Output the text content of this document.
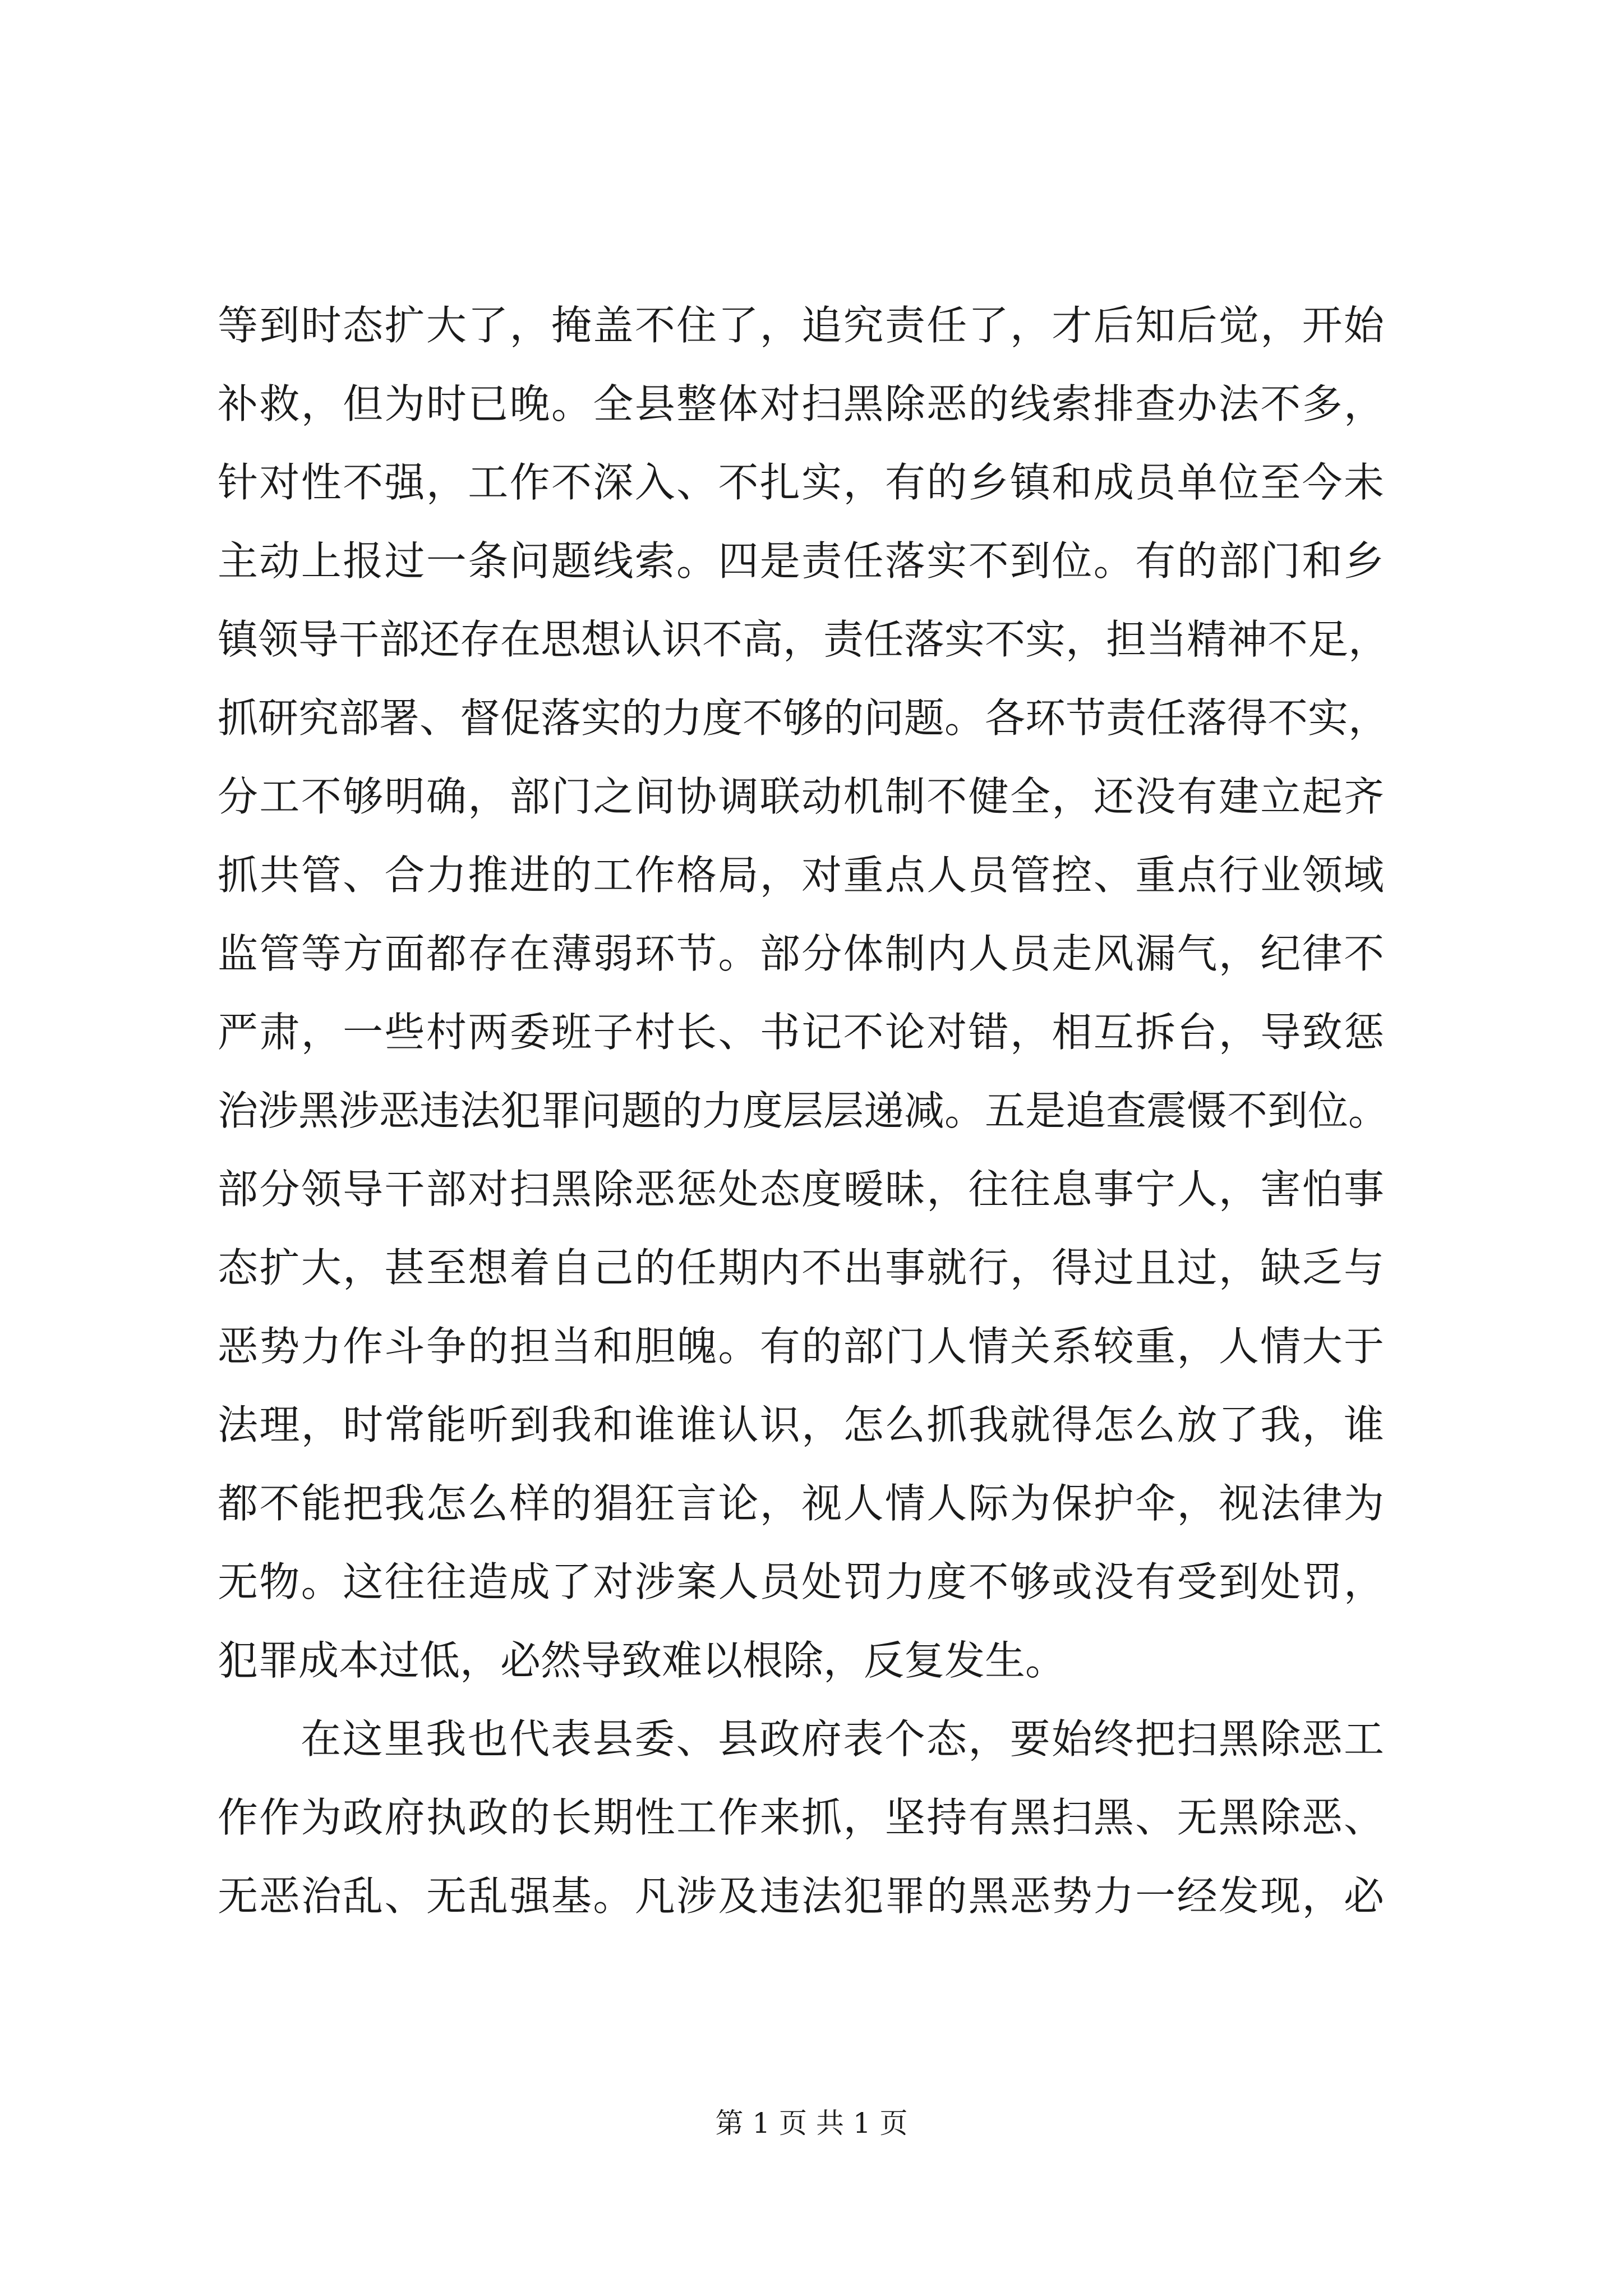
等到时态扩大了，掩盖不住了，追究责任了，才后知后觉，开始
补救，但为时已晚。全县整体对扫黑除恶的线索排查办法不多，
针对性不强，工作不深入、不扎实，有的乡镇和成员单位至今未
主动上报过一条问题线索。四是责任落实不到位。有的部门和乡
镇领导干部还存在思想认识不高，责任落实不实，担当精神不足，
抓研究部署、督促落实的力度不够的问题。各环节责任落得不实，
分工不够明确，部门之间协调联动机制不健全，还没有建立起齐
抓共管、合力推进的工作格局，对重点人员管控、重点行业领域
监管等方面都存在薄弱环节。部分体制内人员走风漏气，纪律不
严肃，一些村两委班子村长、书记不论对错，相互拆台，导致惩
治涉黑涉恶违法犯罪问题的力度层层递减。五是追查震慑不到位。
部分领导干部对扫黑除恶惩处态度暧昧，往往息事宁人，害怕事
态扩大，甚至想着自己的任期内不出事就行，得过且过，缺乏与
恶势力作斗争的担当和胆魄。有的部门人情关系较重，人情大于
法理，时常能听到我和谁谁认识，怎么抓我就得怎么放了我，谁
都不能把我怎么样的猖狂言论，视人情人际为保护伞，视法律为
无物。这往往造成了对涉案人员处罚力度不够或没有受到处罚，
犯罪成本过低，必然导致难以根除，反复发生。
在这里我也代表县委、县政府表个态，要始终把扫黑除恶工
作作为政府执政的长期性工作来抓，坚持有黑扫黑、无黑除恶、
无恶治乱、无乱强基。凡涉及违法犯罪的黑恶势力一经发现，必
第 1 页 共 1 页
